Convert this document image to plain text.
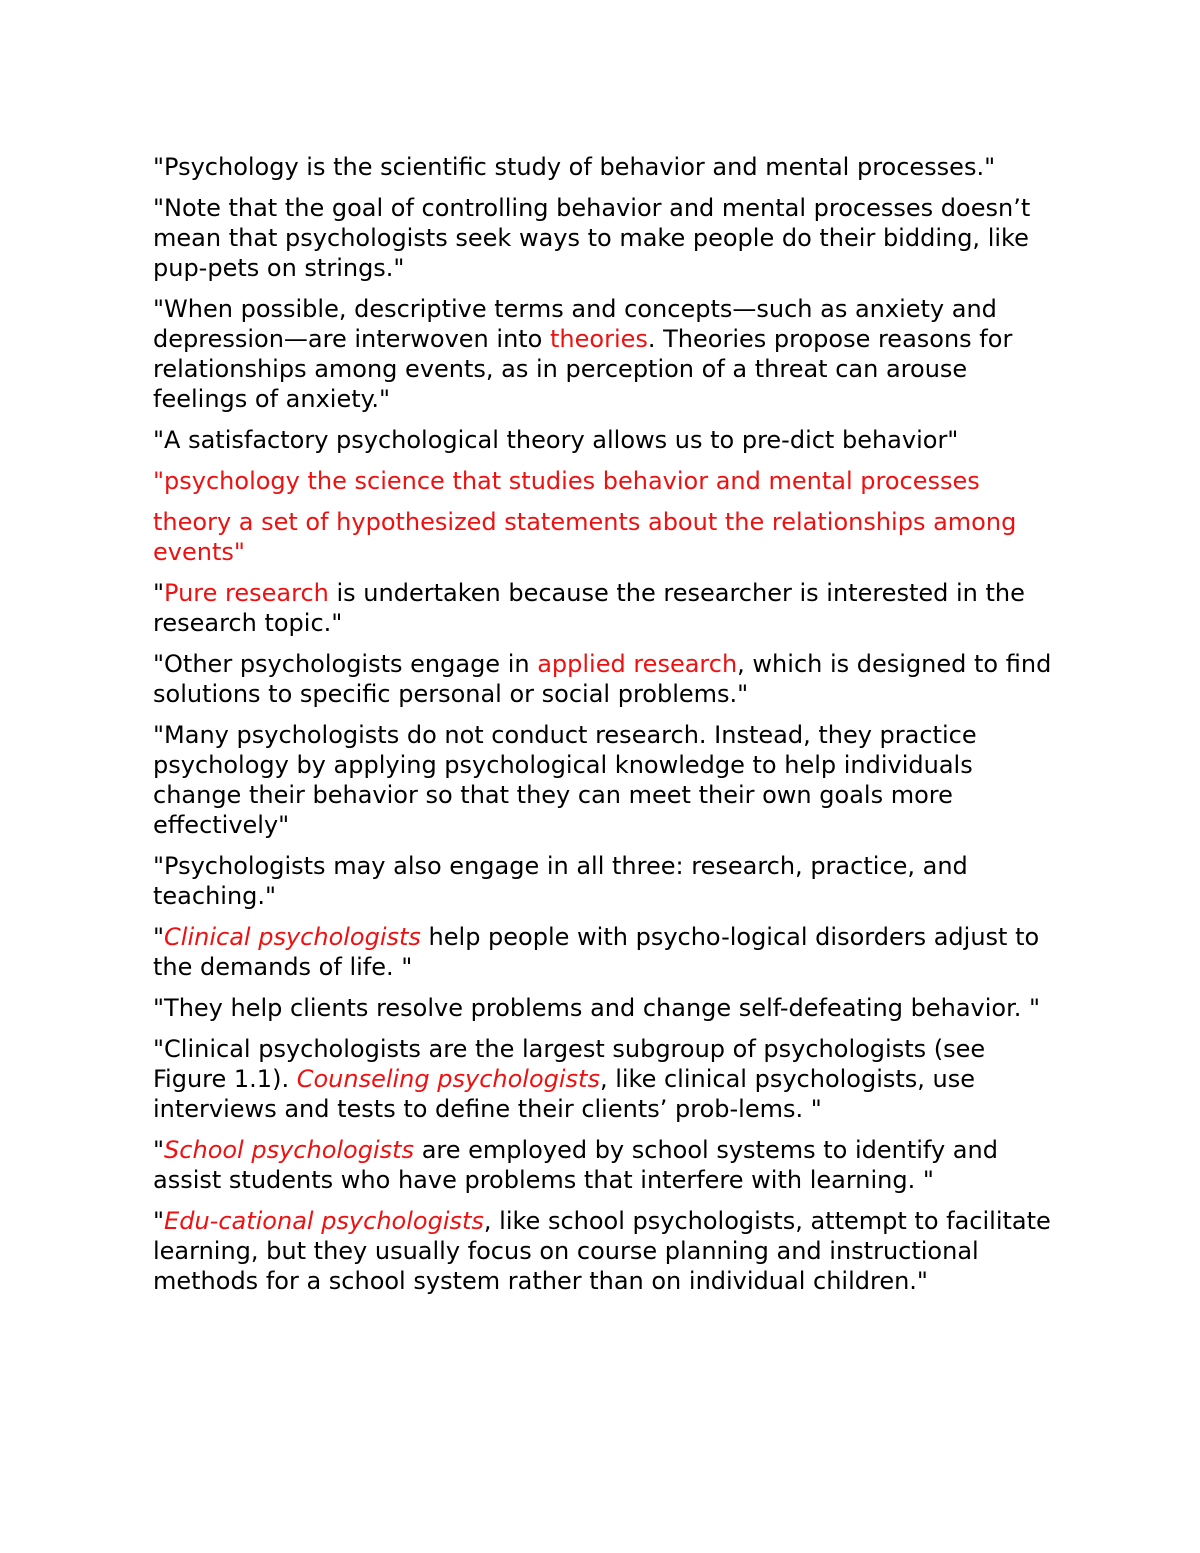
"Psychology is the scientific study of behavior and mental processes."

"Note that the goal of controlling behavior and mental processes doesn’t mean that psychologists seek ways to make people do their bidding, like pup-pets on strings."

"When possible, descriptive terms and concepts—such as anxiety and depression—are interwoven into theories. Theories propose reasons for relationships among events, as in perception of a threat can arouse feelings of anxiety."

"A satisfactory psychological theory allows us to pre-dict behavior"

"psychology the science that studies behavior and mental processes

theory a set of hypothesized statements about the relationships among events"

"Pure research is undertaken because the researcher is interested in the research topic."

"Other psychologists engage in applied research, which is designed to find solutions to specific personal or social problems."

"Many psychologists do not conduct research. Instead, they practice psychology by applying psychological knowledge to help individuals change their behavior so that they can meet their own goals more effectively"

"Psychologists may also engage in all three: research, practice, and teaching."

"Clinical psychologists help people with psycho-logical disorders adjust to the demands of life. "

"They help clients resolve problems and change self-defeating behavior. "

"Clinical psychologists are the largest subgroup of psychologists (see Figure 1.1). Counseling psychologists, like clinical psychologists, use interviews and tests to define their clients’ prob-lems. "

"School psychologists are employed by school systems to identify and assist students who have problems that interfere with learning. "

"Edu-cational psychologists, like school psychologists, attempt to facilitate learning, but they usually focus on course planning and instructional methods for a school system rather than on individual children."
